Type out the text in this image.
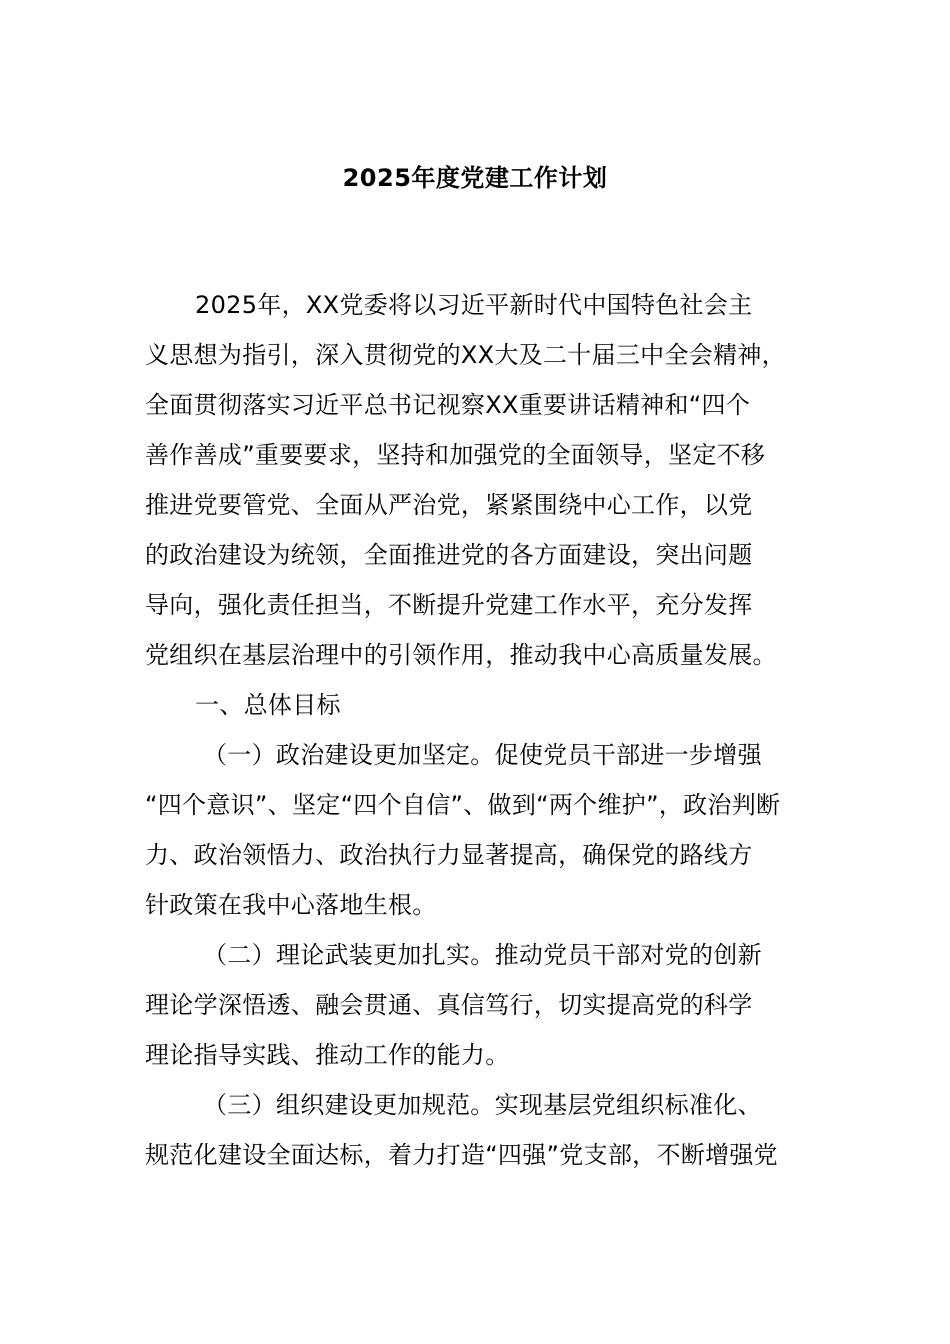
2025年度党建工作计划
2025年，XX党委将以习近平新时代中国特色社会主
义思想为指引，深入贯彻党的XX大及二十届三中全会精神，
全面贯彻落实习近平总书记视察XX重要讲话精神和“四个
善作善成”重要要求，坚持和加强党的全面领导，坚定不移
推进党要管党、全面从严治党，紧紧围绕中心工作，以党
的政治建设为统领，全面推进党的各方面建设，突出问题
导向，强化责任担当，不断提升党建工作水平，充分发挥
党组织在基层治理中的引领作用，推动我中心高质量发展。
一、总体目标
（一）政治建设更加坚定。促使党员干部进一步增强
“四个意识”、坚定“四个自信”、做到“两个维护”，政治判断
力、政治领悟力、政治执行力显著提高，确保党的路线方
针政策在我中心落地生根。
（二）理论武装更加扎实。推动党员干部对党的创新
理论学深悟透、融会贯通、真信笃行，切实提高党的科学
理论指导实践、推动工作的能力。
（三）组织建设更加规范。实现基层党组织标准化、
规范化建设全面达标，着力打造“四强”党支部，不断增强党
